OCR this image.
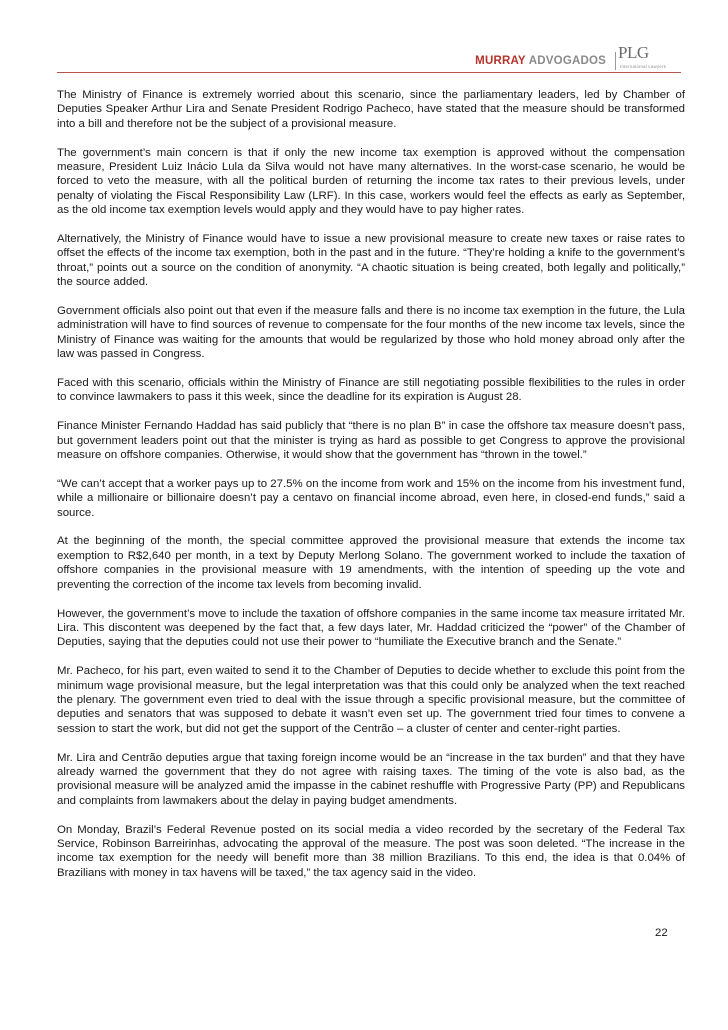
MURRAY ADVOGADOS PLG
International Lawyers

The Ministry of Finance is extremely worried about this scenario, since the parliamentary leaders, led by Chamber of Deputies Speaker Arthur Lira and Senate President Rodrigo Pacheco, have stated that the measure should be transformed into a bill and therefore not be the subject of a provisional measure.

The government’s main concern is that if only the new income tax exemption is approved without the compensation measure, President Luiz Inácio Lula da Silva would not have many alternatives. In the worst-case scenario, he would be forced to veto the measure, with all the political burden of returning the income tax rates to their previous levels, under penalty of violating the Fiscal Responsibility Law (LRF). In this case, workers would feel the effects as early as September, as the old income tax exemption levels would apply and they would have to pay higher rates.

Alternatively, the Ministry of Finance would have to issue a new provisional measure to create new taxes or raise rates to offset the effects of the income tax exemption, both in the past and in the future. “They’re holding a knife to the government’s throat,” points out a source on the condition of anonymity. “A chaotic situation is being created, both legally and politically,” the source added.

Government officials also point out that even if the measure falls and there is no income tax exemption in the future, the Lula administration will have to find sources of revenue to compensate for the four months of the new income tax levels, since the Ministry of Finance was waiting for the amounts that would be regularized by those who hold money abroad only after the law was passed in Congress.

Faced with this scenario, officials within the Ministry of Finance are still negotiating possible flexibilities to the rules in order to convince lawmakers to pass it this week, since the deadline for its expiration is August 28.

Finance Minister Fernando Haddad has said publicly that “there is no plan B” in case the offshore tax measure doesn’t pass, but government leaders point out that the minister is trying as hard as possible to get Congress to approve the provisional measure on offshore companies. Otherwise, it would show that the government has “thrown in the towel.”

“We can’t accept that a worker pays up to 27.5% on the income from work and 15% on the income from his investment fund, while a millionaire or billionaire doesn’t pay a centavo on financial income abroad, even here, in closed-end funds,” said a source.

At the beginning of the month, the special committee approved the provisional measure that extends the income tax exemption to R$2,640 per month, in a text by Deputy Merlong Solano. The government worked to include the taxation of offshore companies in the provisional measure with 19 amendments, with the intention of speeding up the vote and preventing the correction of the income tax levels from becoming invalid.

However, the government’s move to include the taxation of offshore companies in the same income tax measure irritated Mr. Lira. This discontent was deepened by the fact that, a few days later, Mr. Haddad criticized the “power” of the Chamber of Deputies, saying that the deputies could not use their power to “humiliate the Executive branch and the Senate.”

Mr. Pacheco, for his part, even waited to send it to the Chamber of Deputies to decide whether to exclude this point from the minimum wage provisional measure, but the legal interpretation was that this could only be analyzed when the text reached the plenary. The government even tried to deal with the issue through a specific provisional measure, but the committee of deputies and senators that was supposed to debate it wasn’t even set up. The government tried four times to convene a session to start the work, but did not get the support of the Centrão – a cluster of center and center-right parties.

Mr. Lira and Centrão deputies argue that taxing foreign income would be an “increase in the tax burden” and that they have already warned the government that they do not agree with raising taxes. The timing of the vote is also bad, as the provisional measure will be analyzed amid the impasse in the cabinet reshuffle with Progressive Party (PP) and Republicans and complaints from lawmakers about the delay in paying budget amendments.

On Monday, Brazil’s Federal Revenue posted on its social media a video recorded by the secretary of the Federal Tax Service, Robinson Barreirinhas, advocating the approval of the measure. The post was soon deleted. “The increase in the income tax exemption for the needy will benefit more than 38 million Brazilians. To this end, the idea is that 0.04% of Brazilians with money in tax havens will be taxed,” the tax agency said in the video.

22
